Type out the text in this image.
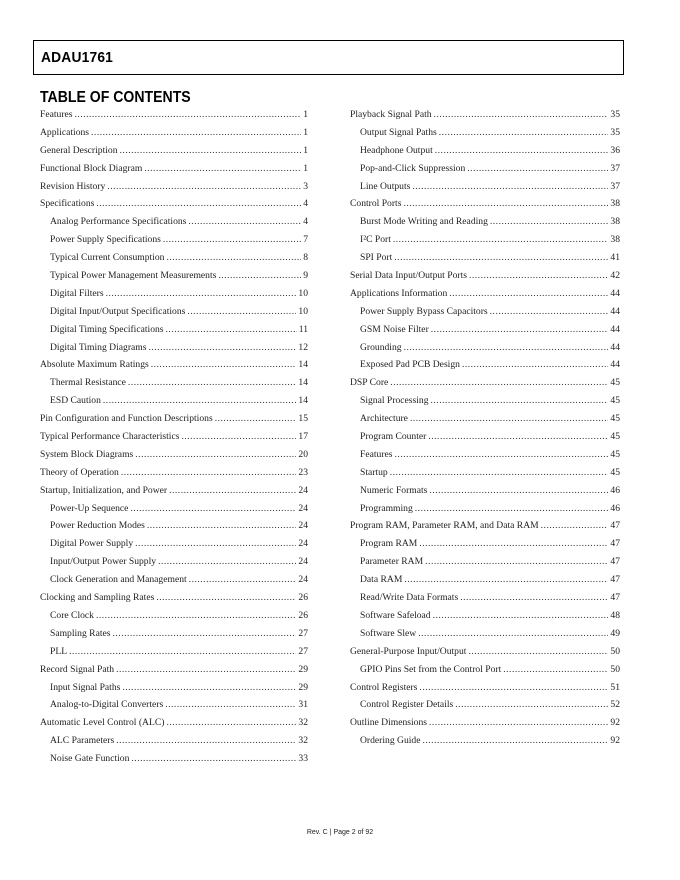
ADAU1761
TABLE OF CONTENTS
Features .....	1
Applications .....	1
General Description .....	1
Functional Block Diagram .....	1
Revision History .....	3
Specifications .....	4
Analog Performance Specifications .....	4
Power Supply Specifications .....	7
Typical Current Consumption .....	8
Typical Power Management Measurements .....	9
Digital Filters .....	10
Digital Input/Output Specifications .....	10
Digital Timing Specifications .....	11
Digital Timing Diagrams .....	12
Absolute Maximum Ratings .....	14
Thermal Resistance .....	14
ESD Caution .....	14
Pin Configuration and Function Descriptions .....	15
Typical Performance Characteristics .....	17
System Block Diagrams .....	20
Theory of Operation .....	23
Startup, Initialization, and Power .....	24
Power-Up Sequence .....	24
Power Reduction Modes .....	24
Digital Power Supply .....	24
Input/Output Power Supply .....	24
Clock Generation and Management .....	24
Clocking and Sampling Rates .....	26
Core Clock .....	26
Sampling Rates .....	27
PLL .....	27
Record Signal Path .....	29
Input Signal Paths .....	29
Analog-to-Digital Converters .....	31
Automatic Level Control (ALC) .....	32
ALC Parameters .....	32
Noise Gate Function .....	33
Playback Signal Path .....	35
Output Signal Paths .....	35
Headphone Output .....	36
Pop-and-Click Suppression .....	37
Line Outputs .....	37
Control Ports .....	38
Burst Mode Writing and Reading .....	38
I²C Port .....	38
SPI Port .....	41
Serial Data Input/Output Ports .....	42
Applications Information .....	44
Power Supply Bypass Capacitors .....	44
GSM Noise Filter .....	44
Grounding .....	44
Exposed Pad PCB Design .....	44
DSP Core .....	45
Signal Processing .....	45
Architecture .....	45
Program Counter .....	45
Features .....	45
Startup .....	45
Numeric Formats .....	46
Programming .....	46
Program RAM, Parameter RAM, and Data RAM .....	47
Program RAM .....	47
Parameter RAM .....	47
Data RAM .....	47
Read/Write Data Formats .....	47
Software Safeload .....	48
Software Slew .....	49
General-Purpose Input/Output .....	50
GPIO Pins Set from the Control Port .....	50
Control Registers .....	51
Control Register Details .....	52
Outline Dimensions .....	92
Ordering Guide .....	92
Rev. C | Page 2 of 92
